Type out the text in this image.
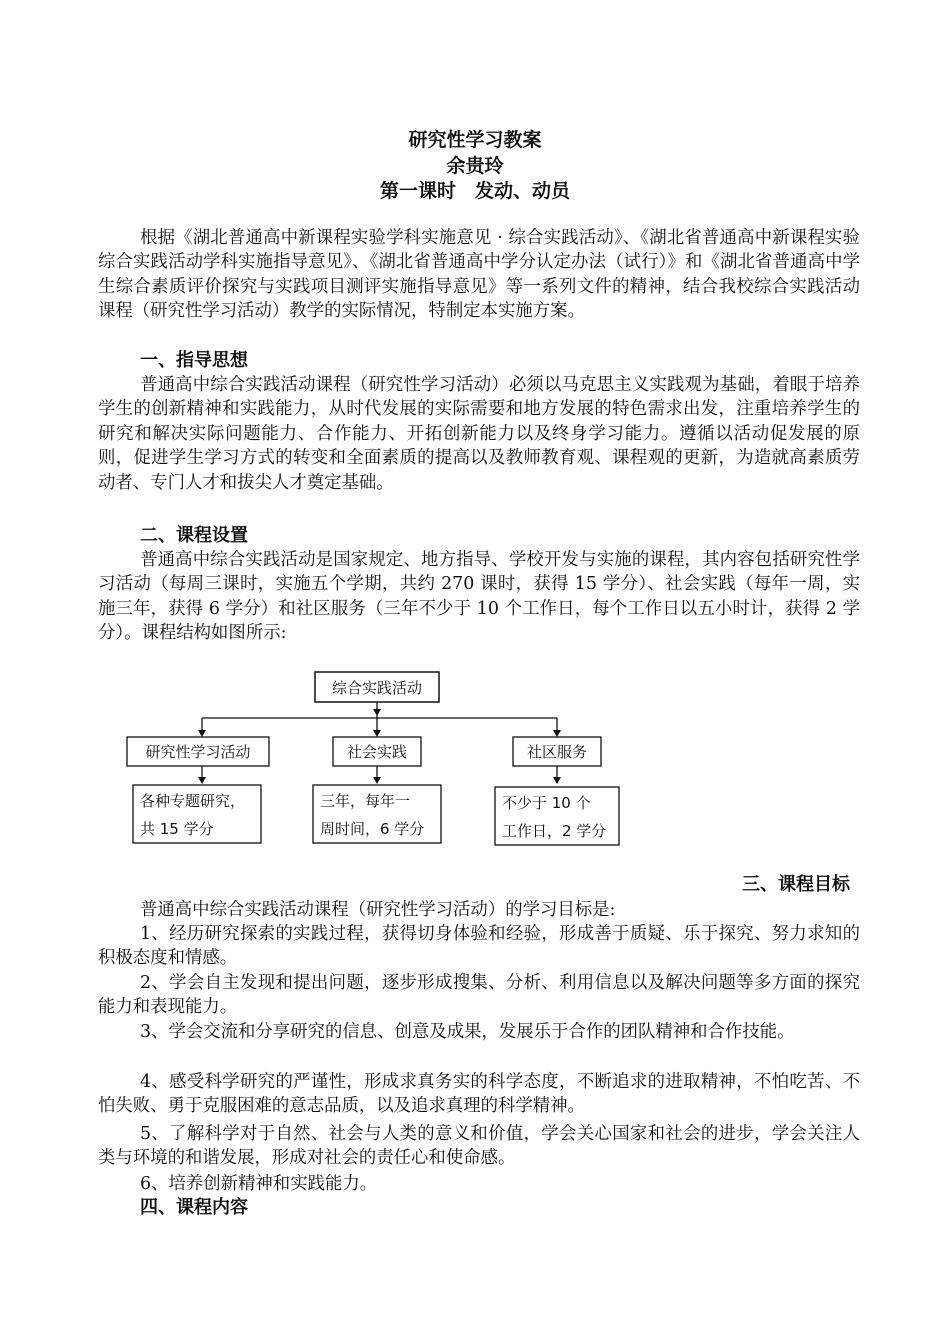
研究性学习教案
余贵玲
第一课时　发动、动员

根据《湖北普通高中新课程实验学科实施意见 · 综合实践活动》、《湖北省普通高中新课程实验综合实践活动学科实施指导意见》、《湖北省普通高中学分认定办法（试行）》和《湖北省普通高中学生综合素质评价探究与实践项目测评实施指导意见》等一系列文件的精神，结合我校综合实践活动课程（研究性学习活动）教学的实际情况，特制定本实施方案。

一、指导思想

普通高中综合实践活动课程（研究性学习活动）必须以马克思主义实践观为基础，着眼于培养学生的创新精神和实践能力，从时代发展的实际需要和地方发展的特色需求出发，注重培养学生的研究和解决实际问题能力、合作能力、开拓创新能力以及终身学习能力。遵循以活动促发展的原则，促进学生学习方式的转变和全面素质的提高以及教师教育观、课程观的更新，为造就高素质劳动者、专门人才和拔尖人才奠定基础。

二、课程设置

普通高中综合实践活动是国家规定、地方指导、学校开发与实施的课程，其内容包括研究性学习活动（每周三课时，实施五个学期，共约 270 课时，获得 15 学分）、社会实践（每年一周，实施三年，获得 6 学分）和社区服务（三年不少于 10 个工作日，每个工作日以五小时计，获得 2 学分）。课程结构如图所示:

综合实践活动
研究性学习活动
各种专题研究，
共 15 学分
社会实践
三年，每年一
周时间，6 学分
社区服务
不少于 10 个
工作日，2 学分
三、课程目标

普通高中综合实践活动课程（研究性学习活动）的学习目标是:

1、经历研究探索的实践过程，获得切身体验和经验，形成善于质疑、乐于探究、努力求知的积极态度和情感。

2、学会自主发现和提出问题，逐步形成搜集、分析、利用信息以及解决问题等多方面的探究能力和表现能力。

3、学会交流和分享研究的信息、创意及成果，发展乐于合作的团队精神和合作技能。

4、感受科学研究的严谨性，形成求真务实的科学态度，不断追求的进取精神，不怕吃苦、不怕失败、勇于克服困难的意志品质，以及追求真理的科学精神。

5、了解科学对于自然、社会与人类的意义和价值，学会关心国家和社会的进步，学会关注人类与环境的和谐发展，形成对社会的责任心和使命感。

6、培养创新精神和实践能力。

四、课程内容
